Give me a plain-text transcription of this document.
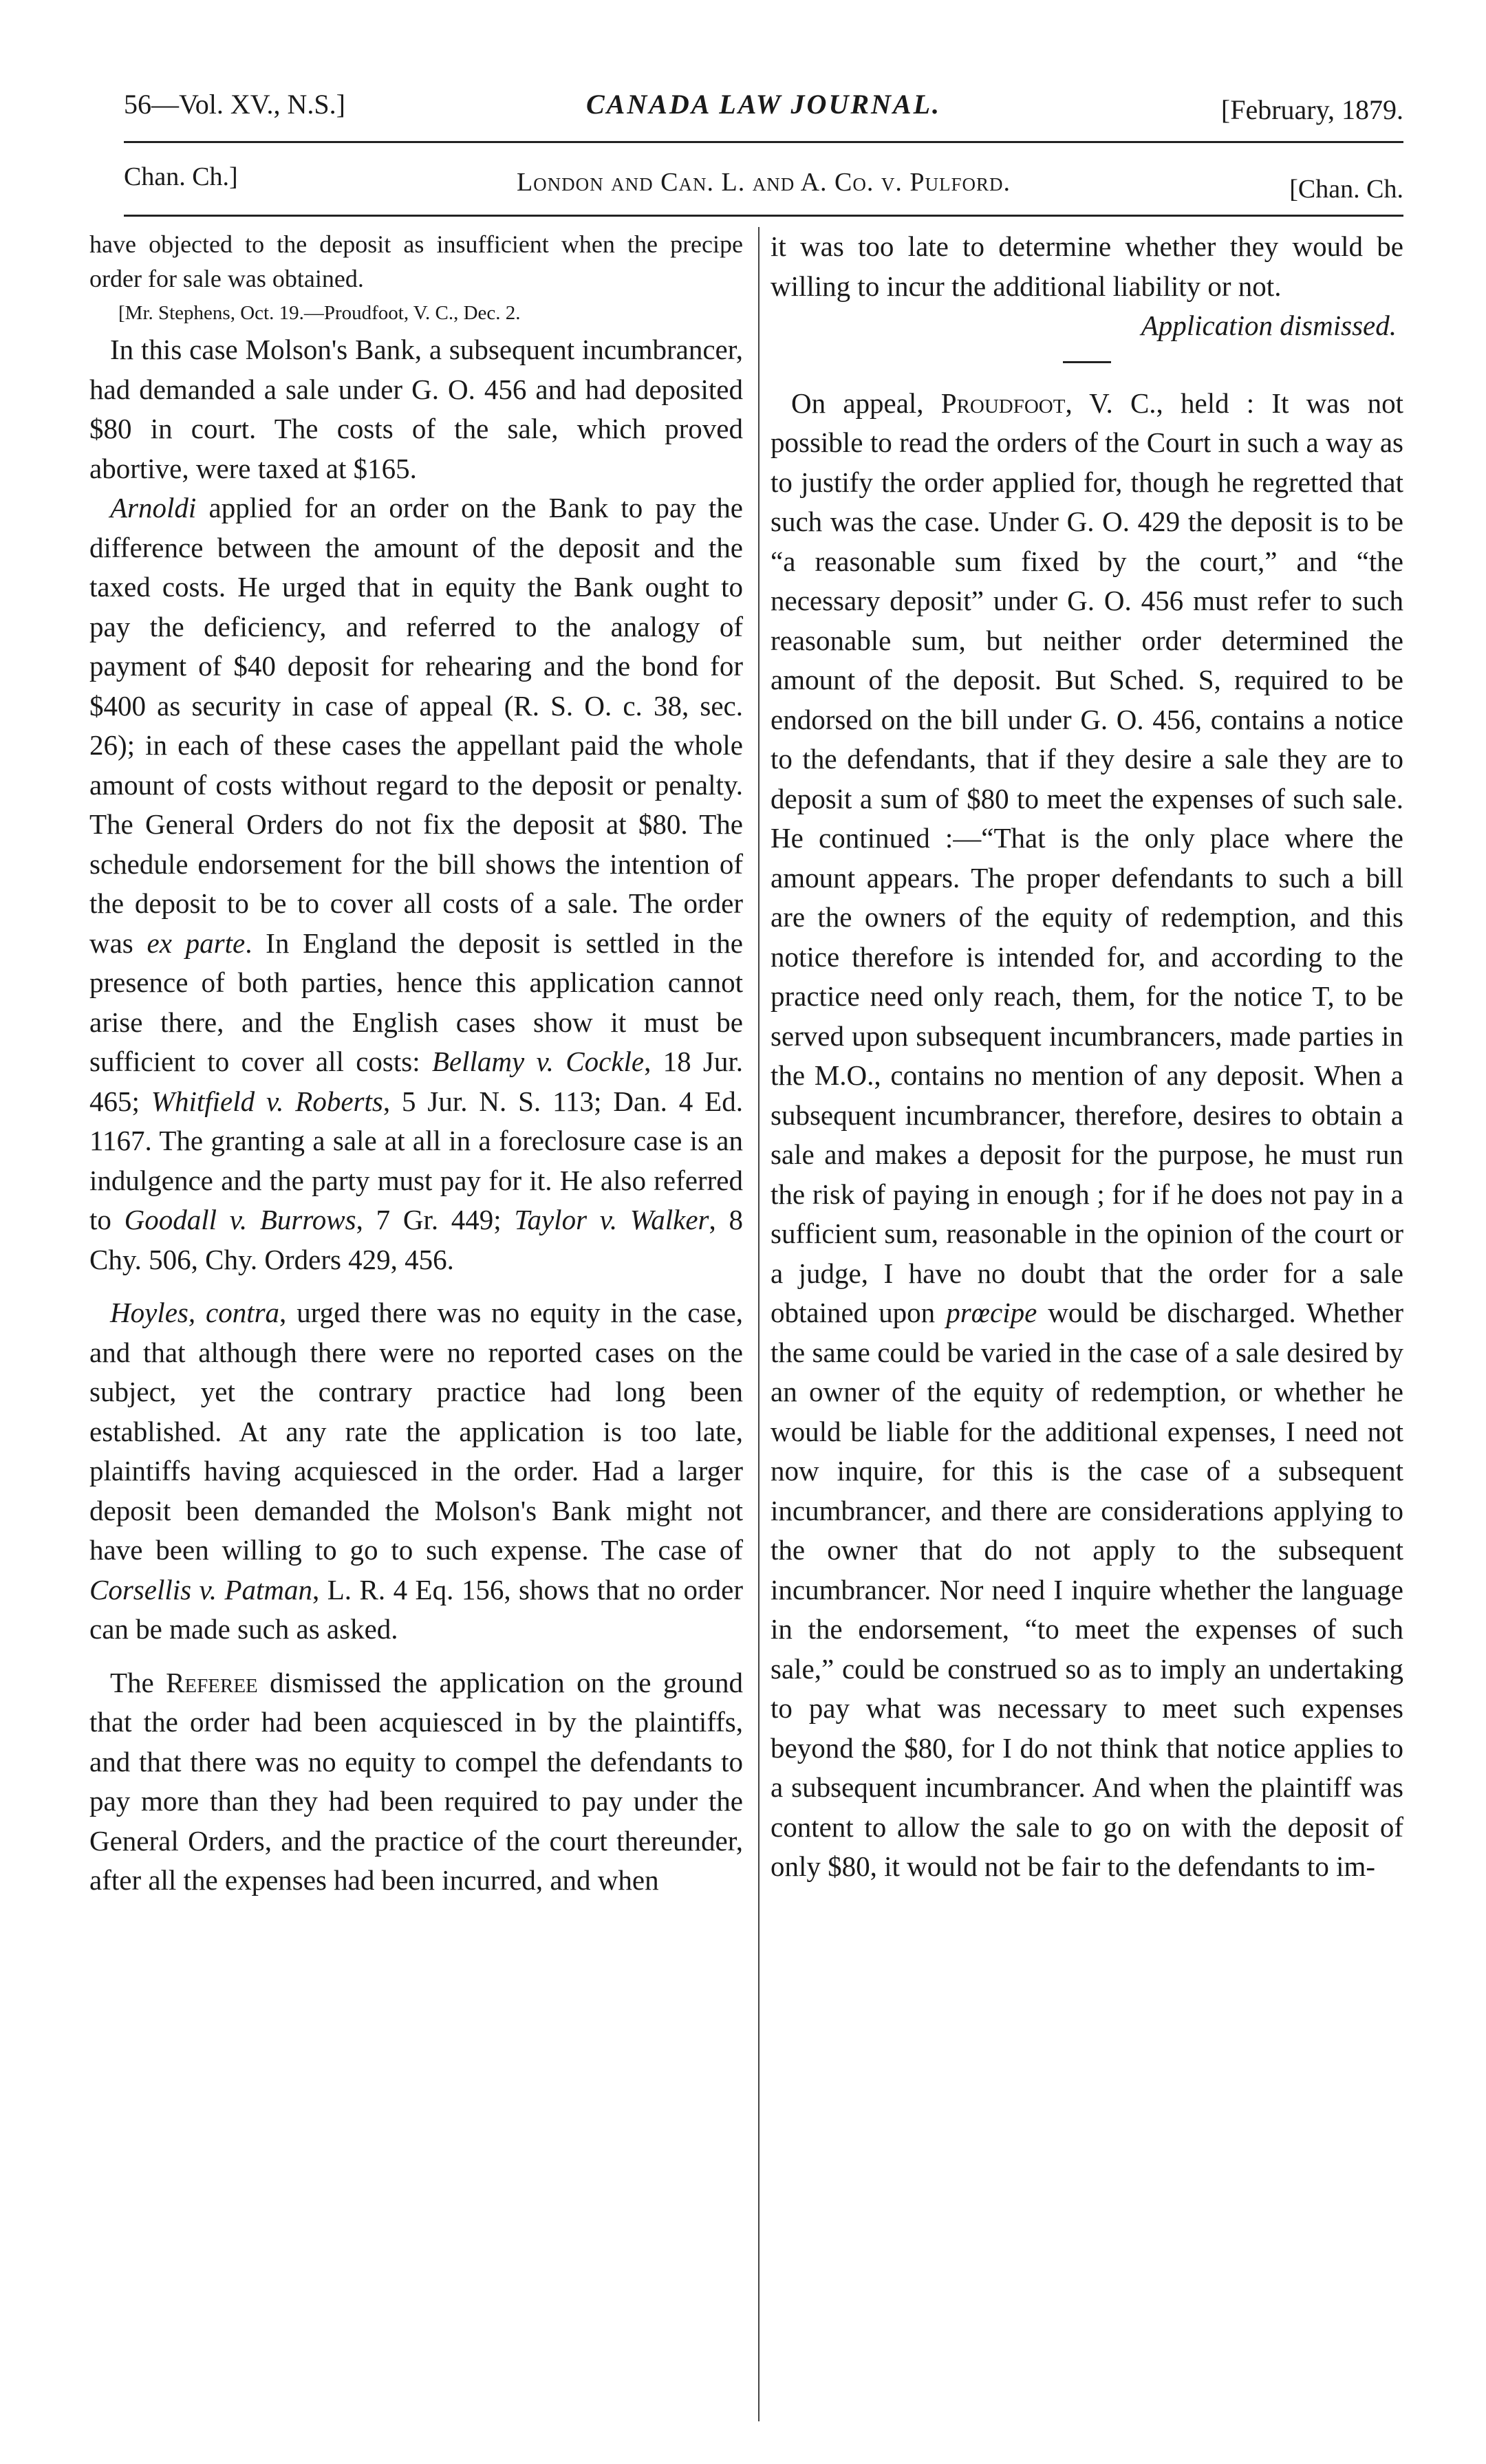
56—Vol. XV., N.S.]	CANADA LAW JOURNAL.	[February, 1879.
Chan. Ch.]	London and Can. L. and A. Co. v. Pulford.	[Chan. Ch.

have objected to the deposit as insufficient when the precipe order for sale was obtained.

[Mr. Stephens, Oct. 19.—Proudfoot, V. C., Dec. 2.

In this case Molson's Bank, a subsequent incumbrancer, had demanded a sale under G. O. 456 and had deposited $80 in court. The costs of the sale, which proved abortive, were taxed at $165.

Arnoldi applied for an order on the Bank to pay the difference between the amount of the deposit and the taxed costs. He urged that in equity the Bank ought to pay the deficiency, and referred to the analogy of payment of $40 deposit for rehearing and the bond for $400 as security in case of appeal (R. S. O. c. 38, sec. 26); in each of these cases the appellant paid the whole amount of costs without regard to the deposit or penalty. The General Orders do not fix the deposit at $80. The schedule endorsement for the bill shows the intention of the deposit to be to cover all costs of a sale. The order was ex parte. In England the deposit is settled in the presence of both parties, hence this application cannot arise there, and the English cases show it must be sufficient to cover all costs: Bellamy v. Cockle, 18 Jur. 465; Whitfield v. Roberts, 5 Jur. N. S. 113; Dan. 4 Ed. 1167. The granting a sale at all in a foreclosure case is an indulgence and the party must pay for it. He also referred to Goodall v. Burrows, 7 Gr. 449; Taylor v. Walker, 8 Chy. 506, Chy. Orders 429, 456.

Hoyles, contra, urged there was no equity in the case, and that although there were no reported cases on the subject, yet the contrary practice had long been established. At any rate the application is too late, plaintiffs having acquiesced in the order. Had a larger deposit been demanded the Molson's Bank might not have been willing to go to such expense. The case of Corsellis v. Patman, L. R. 4 Eq. 156, shows that no order can be made such as asked.

The Referee dismissed the application on the ground that the order had been acquiesced in by the plaintiffs, and that there was no equity to compel the defendants to pay more than they had been required to pay under the General Orders, and the practice of the court thereunder, after all the expenses had been incurred, and when

it was too late to determine whether they would be willing to incur the additional liability or not.

Application dismissed.

On appeal, Proudfoot, V. C., held : It was not possible to read the orders of the Court in such a way as to justify the order applied for, though he regretted that such was the case. Under G. O. 429 the deposit is to be “a reasonable sum fixed by the court,” and “the necessary deposit” under G. O. 456 must refer to such reasonable sum, but neither order determined the amount of the deposit. But Sched. S, required to be endorsed on the bill under G. O. 456, contains a notice to the defendants, that if they desire a sale they are to deposit a sum of $80 to meet the expenses of such sale. He continued :—“That is the only place where the amount appears. The proper defendants to such a bill are the owners of the equity of redemption, and this notice therefore is intended for, and according to the practice need only reach, them, for the notice T, to be served upon subsequent incumbrancers, made parties in the M.O., contains no mention of any deposit. When a subsequent incumbrancer, therefore, desires to obtain a sale and makes a deposit for the purpose, he must run the risk of paying in enough ; for if he does not pay in a sufficient sum, reasonable in the opinion of the court or a judge, I have no doubt that the order for a sale obtained upon prœcipe would be discharged. Whether the same could be varied in the case of a sale desired by an owner of the equity of redemption, or whether he would be liable for the additional expenses, I need not now inquire, for this is the case of a subsequent incumbrancer, and there are considerations applying to the owner that do not apply to the subsequent incumbrancer. Nor need I inquire whether the language in the endorsement, “to meet the expenses of such sale,” could be construed so as to imply an undertaking to pay what was necessary to meet such expenses beyond the $80, for I do not think that notice applies to a subsequent incumbrancer. And when the plaintiff was content to allow the sale to go on with the deposit of only $80, it would not be fair to the defendants to im-
